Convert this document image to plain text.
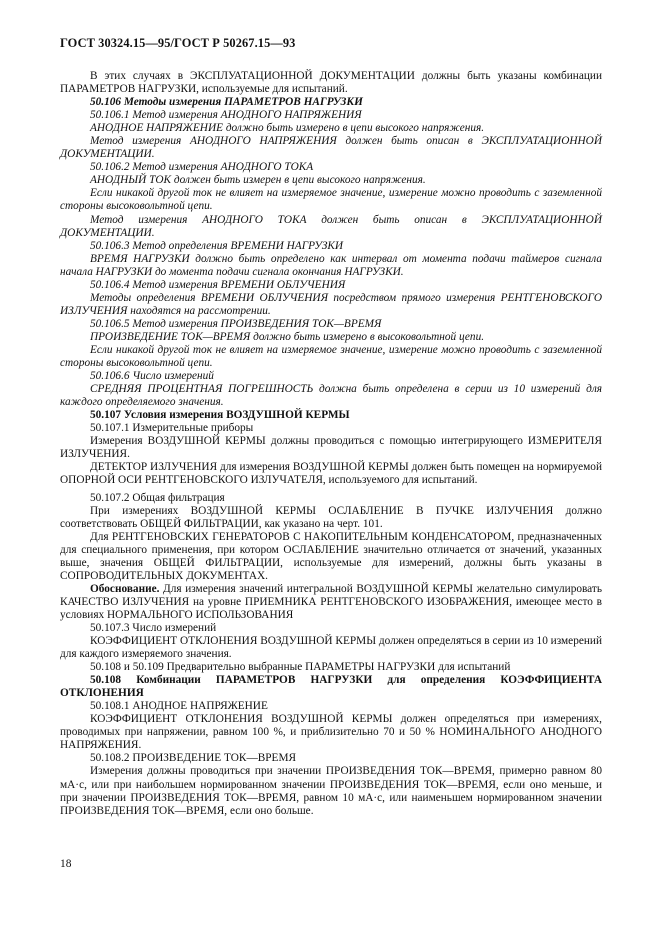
ГОСТ 30324.15—95/ГОСТ Р 50267.15—93

В этих случаях в ЭКСПЛУАТАЦИОННОЙ ДОКУМЕНТАЦИИ должны быть указаны комбинации ПАРАМЕТРОВ НАГРУЗКИ, используемые для испытаний.

50.106 Методы измерения ПАРАМЕТРОВ НАГРУЗКИ

50.106.1 Метод измерения АНОДНОГО НАПРЯЖЕНИЯ

АНОДНОЕ НАПРЯЖЕНИЕ должно быть измерено в цепи высокого напряжения.

Метод измерения АНОДНОГО НАПРЯЖЕНИЯ должен быть описан в ЭКСПЛУАТАЦИОННОЙ ДОКУМЕНТАЦИИ.

50.106.2 Метод измерения АНОДНОГО ТОКА

АНОДНЫЙ ТОК должен быть измерен в цепи высокого напряжения.

Если никакой другой ток не влияет на измеряемое значение, измерение можно проводить с заземленной стороны высоковольтной цепи.

Метод измерения АНОДНОГО ТОКА должен быть описан в ЭКСПЛУАТАЦИОННОЙ ДОКУМЕНТАЦИИ.

50.106.3 Метод определения ВРЕМЕНИ НАГРУЗКИ

ВРЕМЯ НАГРУЗКИ должно быть определено как интервал от момента подачи таймеров сигнала начала НАГРУЗКИ до момента подачи сигнала окончания НАГРУЗКИ.

50.106.4 Метод измерения ВРЕМЕНИ ОБЛУЧЕНИЯ

Методы определения ВРЕМЕНИ ОБЛУЧЕНИЯ посредством прямого измерения РЕНТГЕНОВСКОГО ИЗЛУЧЕНИЯ находятся на рассмотрении.

50.106.5 Метод измерения ПРОИЗВЕДЕНИЯ ТОК—ВРЕМЯ

ПРОИЗВЕДЕНИЕ ТОК—ВРЕМЯ должно быть измерено в высоковольтной цепи.

Если никакой другой ток не влияет на измеряемое значение, измерение можно проводить с заземленной стороны высоковольтной цепи.

50.106.6 Число измерений

СРЕДНЯЯ ПРОЦЕНТНАЯ ПОГРЕШНОСТЬ должна быть определена в серии из 10 измерений для каждого определяемого значения.

50.107 Условия измерения ВОЗДУШНОЙ КЕРМЫ

50.107.1 Измерительные приборы

Измерения ВОЗДУШНОЙ КЕРМЫ должны проводиться с помощью интегрирующего ИЗМЕРИТЕЛЯ ИЗЛУЧЕНИЯ.

ДЕТЕКТОР ИЗЛУЧЕНИЯ для измерения ВОЗДУШНОЙ КЕРМЫ должен быть помещен на нормируемой ОПОРНОЙ ОСИ РЕНТГЕНОВСКОГО ИЗЛУЧАТЕЛЯ, используемого для испытаний.

50.107.2 Общая фильтрация

При измерениях ВОЗДУШНОЙ КЕРМЫ ОСЛАБЛЕНИЕ В ПУЧКЕ ИЗЛУЧЕНИЯ должно соответствовать ОБЩЕЙ ФИЛЬТРАЦИИ, как указано на черт. 101.

Для РЕНТГЕНОВСКИХ ГЕНЕРАТОРОВ С НАКОПИТЕЛЬНЫМ КОНДЕНСАТОРОМ, предназначенных для специального применения, при котором ОСЛАБЛЕНИЕ значительно отличается от значений, указанных выше, значения ОБЩЕЙ ФИЛЬТРАЦИИ, используемые для измерений, должны быть указаны в СОПРОВОДИТЕЛЬНЫХ ДОКУМЕНТАХ.

Обоснование. Для измерения значений интегральной ВОЗДУШНОЙ КЕРМЫ желательно симулировать КАЧЕСТВО ИЗЛУЧЕНИЯ на уровне ПРИЕМНИКА РЕНТГЕНОВСКОГО ИЗОБРАЖЕНИЯ, имеющее место в условиях НОРМАЛЬНОГО ИСПОЛЬЗОВАНИЯ

50.107.3 Число измерений

КОЭФФИЦИЕНТ ОТКЛОНЕНИЯ ВОЗДУШНОЙ КЕРМЫ должен определяться в серии из 10 измерений для каждого измеряемого значения.

50.108 и 50.109 Предварительно выбранные ПАРАМЕТРЫ НАГРУЗКИ для испытаний

50.108 Комбинации ПАРАМЕТРОВ НАГРУЗКИ для определения КОЭФФИЦИЕНТА ОТКЛОНЕНИЯ

50.108.1 АНОДНОЕ НАПРЯЖЕНИЕ

КОЭФФИЦИЕНТ ОТКЛОНЕНИЯ ВОЗДУШНОЙ КЕРМЫ должен определяться при измерениях, проводимых при напряжении, равном 100 %, и приблизительно 70 и 50 % НОМИНАЛЬНОГО АНОДНОГО НАПРЯЖЕНИЯ.

50.108.2 ПРОИЗВЕДЕНИЕ ТОК—ВРЕМЯ

Измерения должны проводиться при значении ПРОИЗВЕДЕНИЯ ТОК—ВРЕМЯ, примерно равном 80 мА·с, или при наибольшем нормированном значении ПРОИЗВЕДЕНИЯ ТОК—ВРЕМЯ, если оно меньше, и при значении ПРОИЗВЕДЕНИЯ ТОК—ВРЕМЯ, равном 10 мА·с, или наименьшем нормированном значении ПРОИЗВЕДЕНИЯ ТОК—ВРЕМЯ, если оно больше.

18
